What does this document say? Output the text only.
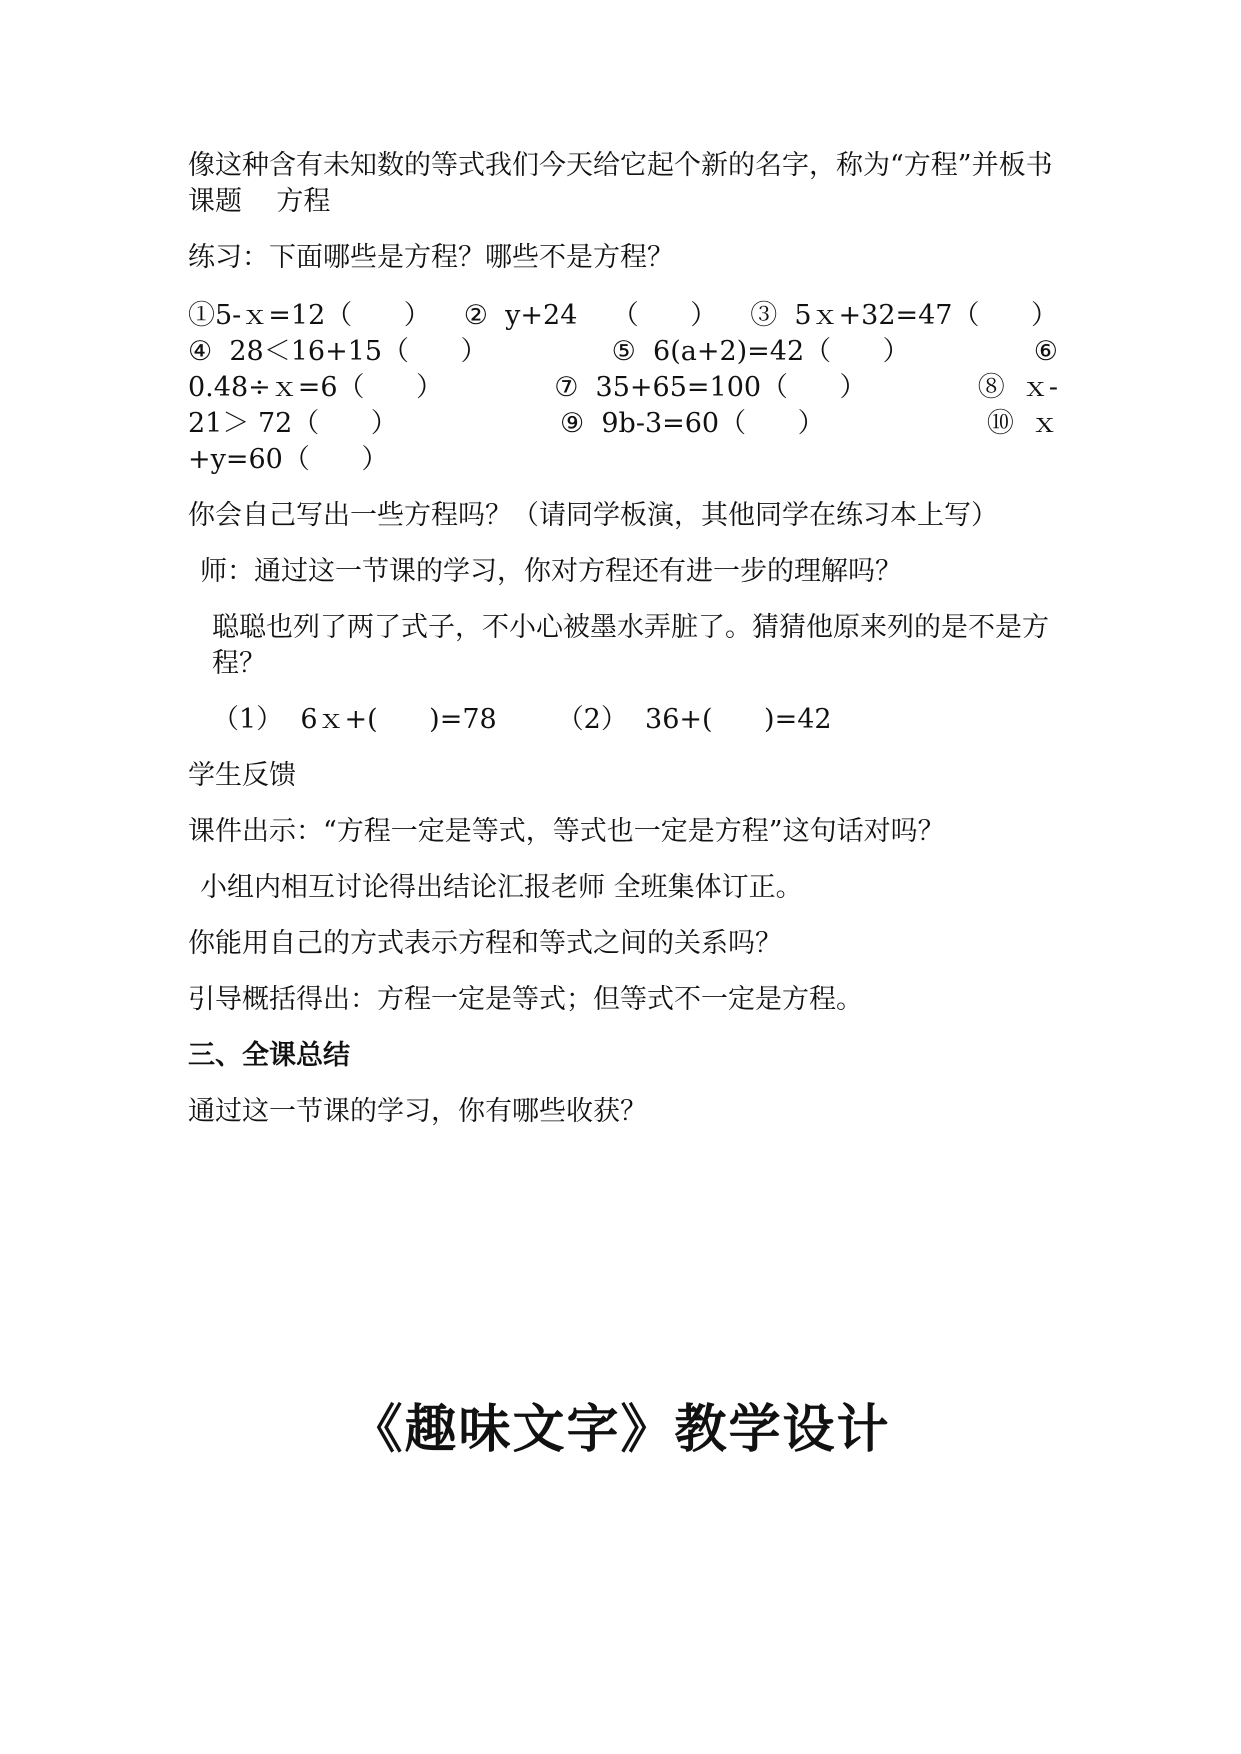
像这种含有未知数的等式我们今天给它起个新的名字，称为“方程”并板书课题    方程

练习：下面哪些是方程？哪些不是方程？

①5-ｘ=12（      ） ②  y+24    （      ） ③  5ｘ+32=47（      ）
④  28＜16+15（      ）	⑤  6(a+2)=42（      ）	⑥
0.48÷ｘ=6（      ）	⑦  35+65=100（      ）	⑧  ｘ-
21＞ 72（      ）	⑨  9b-3=60（      ）	⑩  ｘ
+y=60（      ）

你会自己写出一些方程吗？（请同学板演，其他同学在练习本上写）

师：通过这一节课的学习，你对方程还有进一步的理解吗？

聪聪也列了两了式子，不小心被墨水弄脏了。猜猜他原来列的是不是方程？

（1）  6ｘ+(      )=78 （2）  36+(      )=42

学生反馈

课件出示：“方程一定是等式，等式也一定是方程”这句话对吗？

小组内相互讨论得出结论汇报老师 全班集体订正。

你能用自己的方式表示方程和等式之间的关系吗？

引导概括得出：方程一定是等式；但等式不一定是方程。

三、全课总结

通过这一节课的学习，你有哪些收获？

《趣味文字》教学设计
